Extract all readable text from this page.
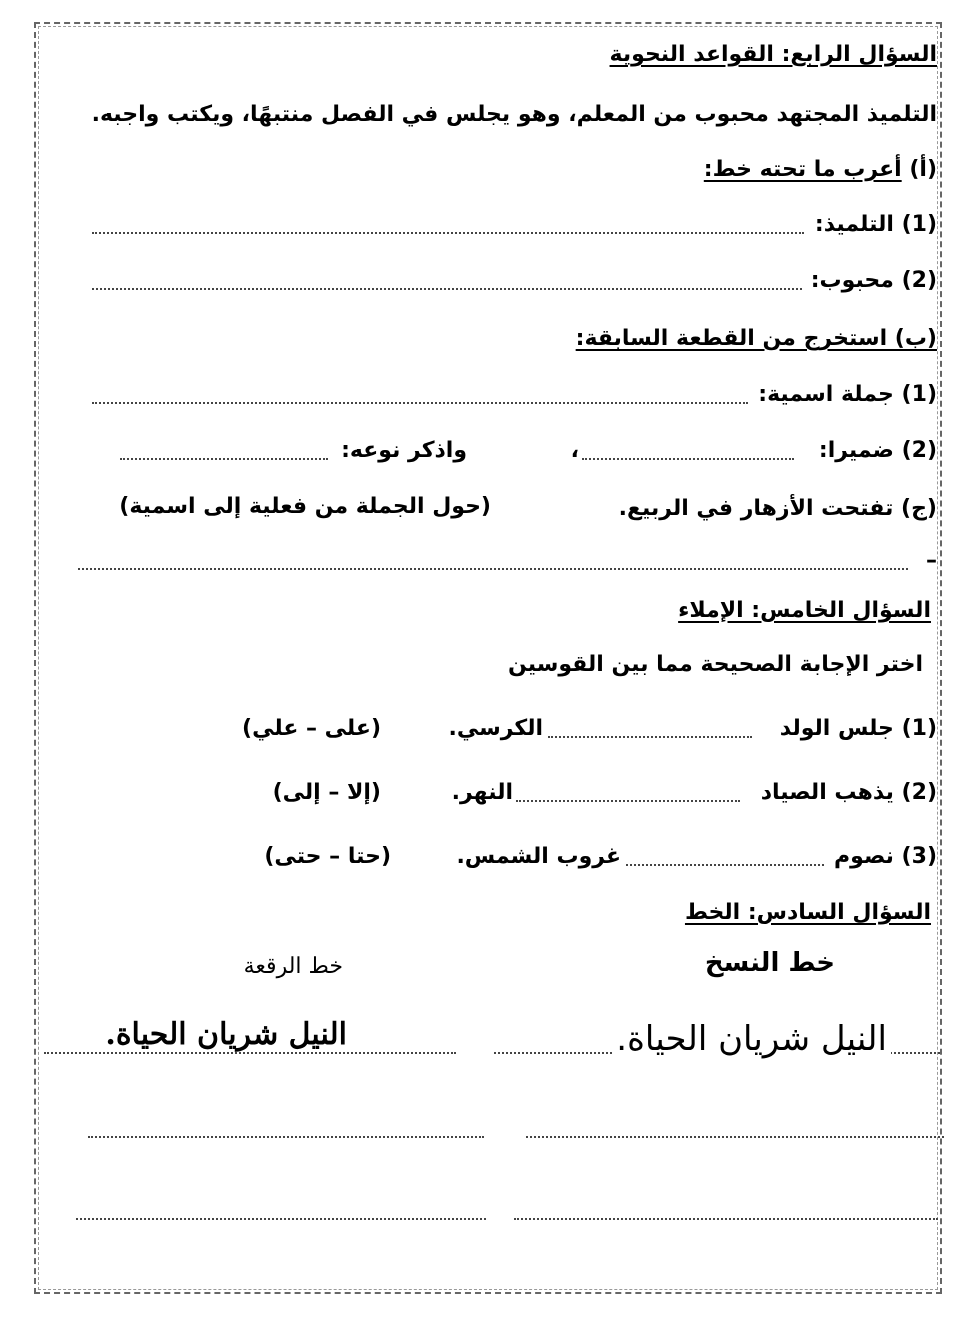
السؤال الرابع: القواعد النحوية
التلميذ المجتهد محبوب من المعلم، وهو يجلس في الفصل منتبهًا، ويكتب واجبه.
(أ) أعرب ما تحته خط:
(1) التلميذ:
(2) محبوب:
(ب) استخرج من القطعة السابقة:
(1) جملة اسمية:
(2) ضميرا:
،
واذكر نوعه:
(ج) تفتحت الأزهار في الربيع.
(حول الجملة من فعلية إلى اسمية)
–
السؤال الخامس: الإملاء
اختر الإجابة الصحيحة مما بين القوسين
(1) جلس الولد
الكرسي.
(على – علي)
(2) يذهب الصياد
النهر.
(إلا – إلى)
(3) نصوم
غروب الشمس.
(حتا – حتى)
السؤال السادس: الخط
خط النسخ
خط الرقعة
النيل شريان الحياة.
النيل شريان الحياة.
